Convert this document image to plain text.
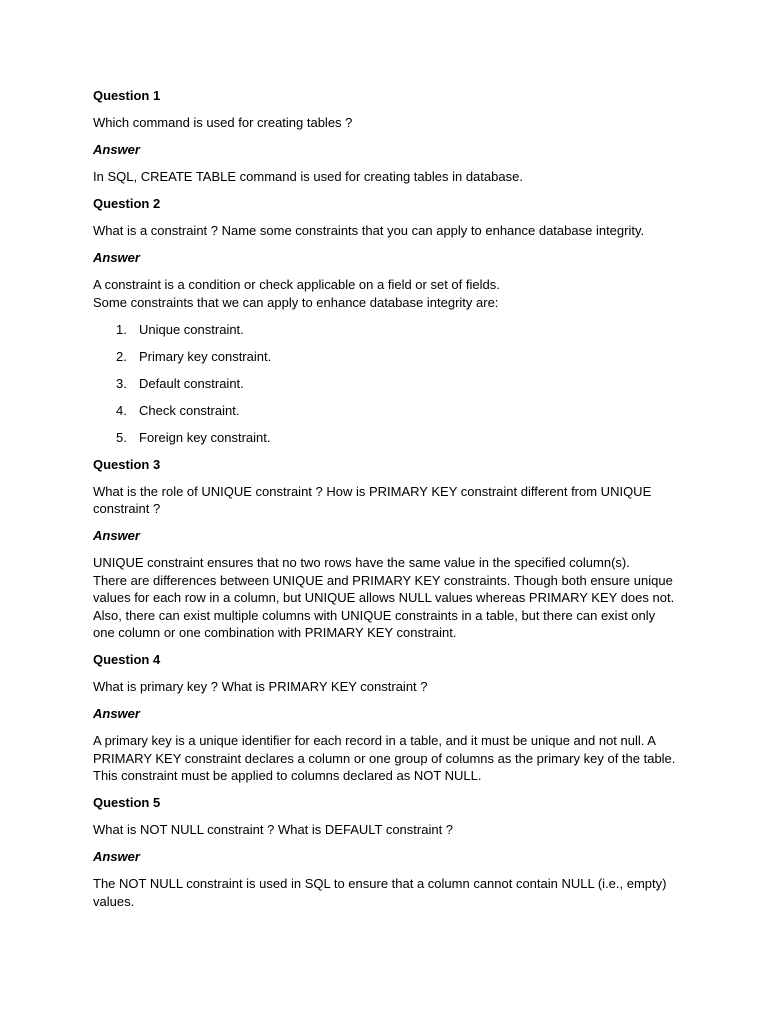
Question 1
Which command is used for creating tables ?
Answer
In SQL, CREATE TABLE command is used for creating tables in database.
Question 2
What is a constraint ? Name some constraints that you can apply to enhance database integrity.
Answer
A constraint is a condition or check applicable on a field or set of fields.
Some constraints that we can apply to enhance database integrity are:
1. Unique constraint.
2. Primary key constraint.
3. Default constraint.
4. Check constraint.
5. Foreign key constraint.
Question 3
What is the role of UNIQUE constraint ? How is PRIMARY KEY constraint different from UNIQUE
constraint ?
Answer
UNIQUE constraint ensures that no two rows have the same value in the specified column(s).
There are differences between UNIQUE and PRIMARY KEY constraints. Though both ensure unique
values for each row in a column, but UNIQUE allows NULL values whereas PRIMARY KEY does not.
Also, there can exist multiple columns with UNIQUE constraints in a table, but there can exist only
one column or one combination with PRIMARY KEY constraint.
Question 4
What is primary key ? What is PRIMARY KEY constraint ?
Answer
A primary key is a unique identifier for each record in a table, and it must be unique and not null. A
PRIMARY KEY constraint declares a column or one group of columns as the primary key of the table.
This constraint must be applied to columns declared as NOT NULL.
Question 5
What is NOT NULL constraint ? What is DEFAULT constraint ?
Answer
The NOT NULL constraint is used in SQL to ensure that a column cannot contain NULL (i.e., empty)
values.
